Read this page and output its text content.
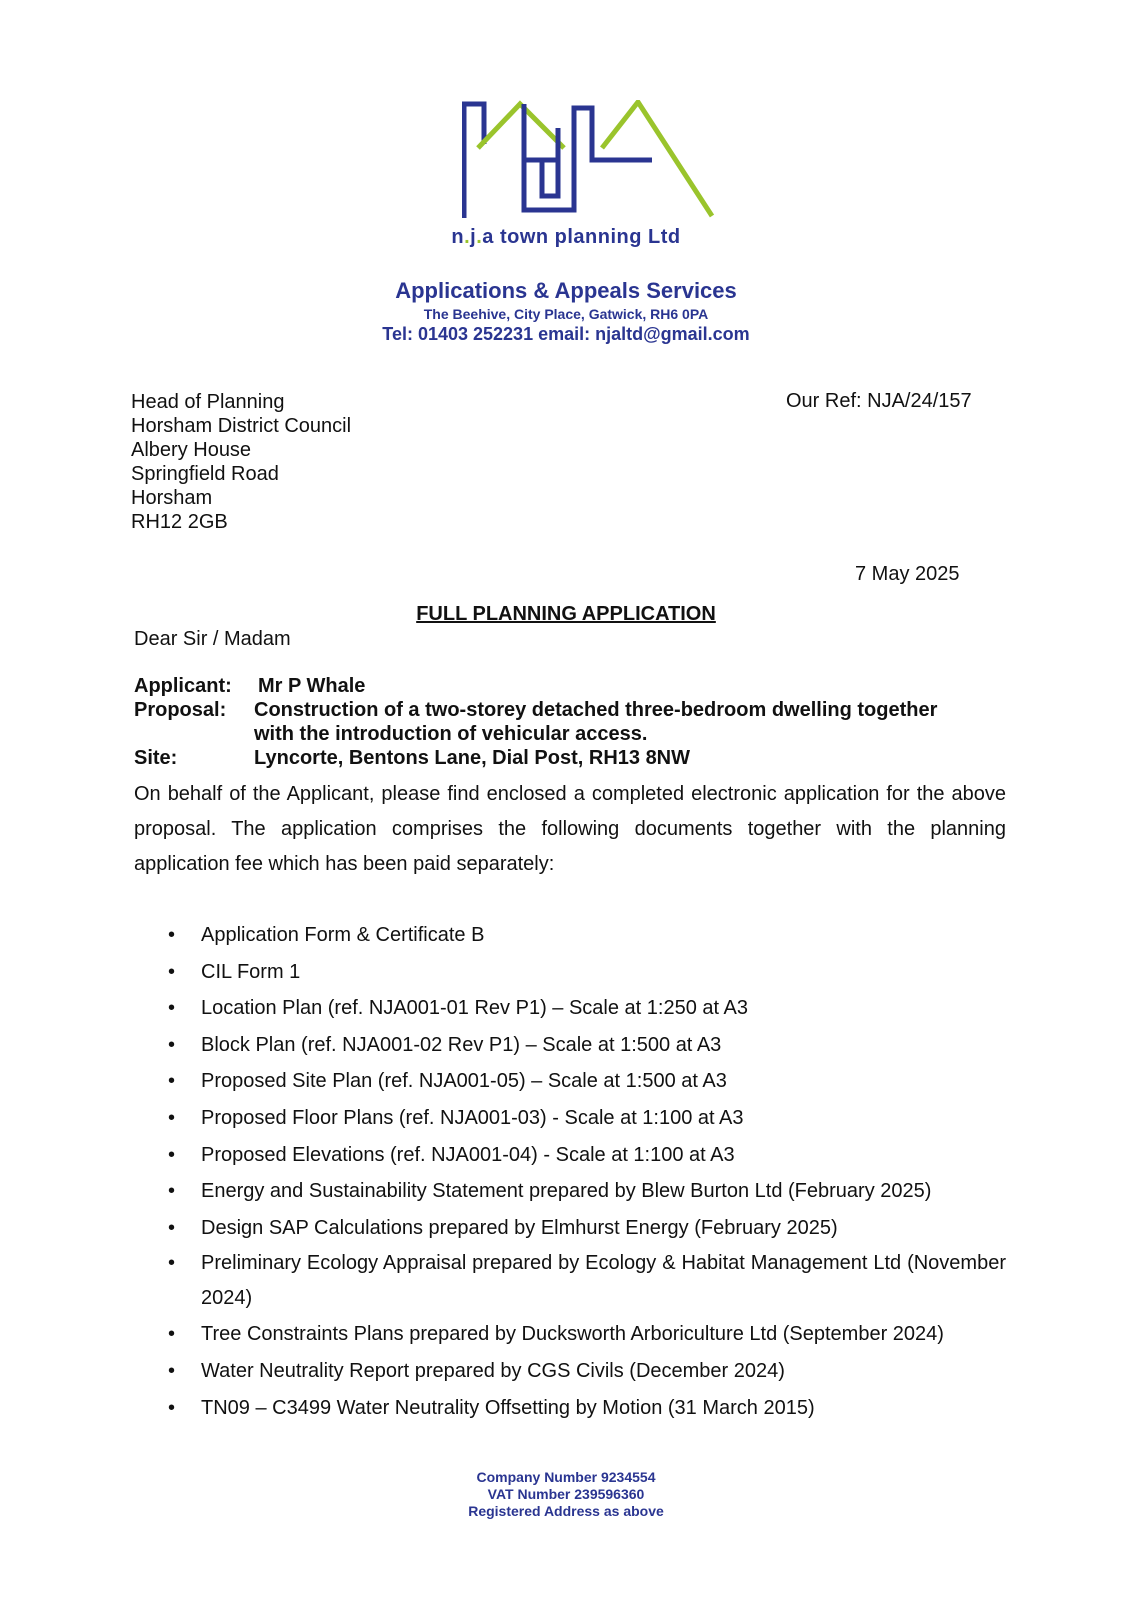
n.j.a town planning Ltd
Applications & Appeals Services
The Beehive, City Place, Gatwick, RH6 0PA
Tel: 01403 252231 email: njaltd@gmail.com
Head of Planning
Horsham District Council
Albery House
Springfield Road
Horsham
RH12 2GB
Our Ref: NJA/24/157
7 May 2025
FULL PLANNING APPLICATION
Dear Sir / Madam
Applicant: Mr P Whale
Proposal: Construction of a two-storey detached three-bedroom dwelling together
with the introduction of vehicular access.
Site:	Lyncorte, Bentons Lane, Dial Post, RH13 8NW
On behalf of the Applicant, please find enclosed a completed electronic application for the above proposal. The application comprises the following documents together with the planning application fee which has been paid separately:
• Application Form & Certificate B
• CIL Form 1
• Location Plan (ref. NJA001-01 Rev P1) – Scale at 1:250 at A3
• Block Plan (ref. NJA001-02 Rev P1) – Scale at 1:500 at A3
• Proposed Site Plan (ref. NJA001-05) – Scale at 1:500 at A3
• Proposed Floor Plans (ref. NJA001-03) - Scale at 1:100 at A3
• Proposed Elevations (ref. NJA001-04) - Scale at 1:100 at A3
• Energy and Sustainability Statement prepared by Blew Burton Ltd (February 2025)
• Design SAP Calculations prepared by Elmhurst Energy (February 2025)
• Preliminary Ecology Appraisal prepared by Ecology & Habitat Management Ltd (November 2024)
• Tree Constraints Plans prepared by Ducksworth Arboriculture Ltd (September 2024)
• Water Neutrality Report prepared by CGS Civils (December 2024)
• TN09 – C3499 Water Neutrality Offsetting by Motion (31 March 2015)
Company Number 9234554
VAT Number 239596360
Registered Address as above
